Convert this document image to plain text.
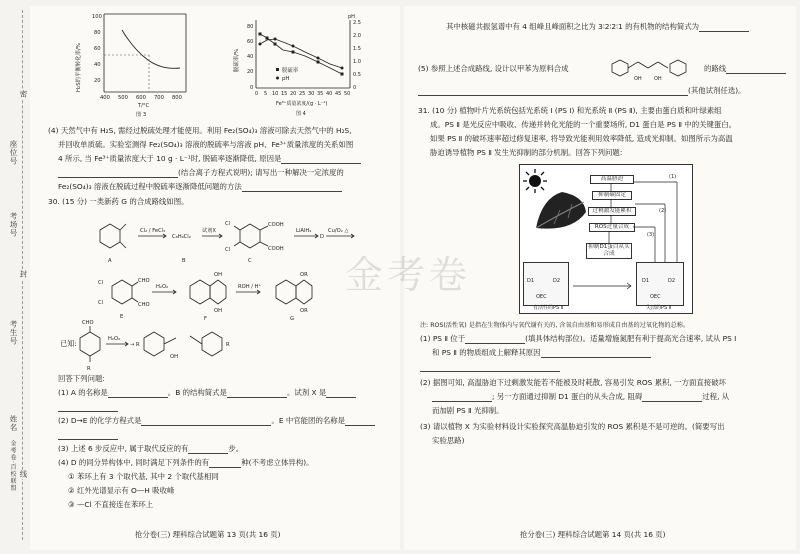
座位号
考场号
考生号
姓名
金考卷·百校联盟
密
封
线
100
80
60
40
20
400 500 600 700 800
T/°C
图 3
H₂S的平衡转化率/%	脱硫率
pH
80
60
40
20
0
2.5
2.0
1.5
1.0
0.5
0
pH
0 5 10 15 20 25 30 35 40 45 50
Fe³⁺质量浓度/(g · L⁻¹)
图 4
脱硫率/%
(4) 天然气中有 H₂S, 需经过脱硫处理才能使用。利用 Fe₂(SO₄)₃ 溶液可除去天然气中的 H₂S,
并回收单质硫。实验室测得 Fe₂(SO₄)₃ 溶液的脱硫率与溶液 pH、Fe³⁺质量浓度的关系如图
4 所示, 当 Fe³⁺质量浓度大于 10 g · L⁻¹时, 脱硫率逐渐降低, 原因是
(结合离子方程式说明); 请写出一种解决一定浓度的
Fe₂(SO₄)₃ 溶液在脱硫过程中脱硫率逐渐降低问题的方法
30. (15 分) 一类新药 G 的合成路线如图。
Cl₂ / FeCl₃
C₈H₈Cl₂
试剂X
Cl
Cl
COOH
COOH
LiAlH₄
D
Cu/O₂ △
A	B	C
Cl
Cl
CHO
CHO
H₂O₂
OH
OH
ROH / H⁺
OR
OR
E	F	G
已知:
CHO
R
H₂O₂
→ R
OH
R
回答下列问题:
(1) A 的名称是	。B 的结构简式是	。试剂 X 是
(2) D→E 的化学方程式是	。E 中官能团的名称是
(3) 上述 6 步反应中, 属于取代反应的有	步。
(4) D 的同分异构体中, 同时满足下列条件的有	种(不考虑立体异构)。
① 苯环上有 3 个取代基, 其中 2 个取代基相同
② 红外光谱显示有 O—H 吸收峰
③ —Cl 不直接连在苯环上
抢分卷(三) 理科综合试题第 13 页(共 16 页)
其中核磁共振氢谱中有 4 组峰且峰面积之比为 3∶2∶2∶1 的有机物的结构简式为
(5) 参照上述合成路线, 设计以甲苯为原料合成
OH OH
的路线
(其他试剂任选)。
31. (10 分) 植物叶片光系统包括光系统 Ⅰ (PS Ⅰ) 和光系统 Ⅱ (PS Ⅱ), 主要由蛋白质和叶绿素组
成。PS Ⅱ 是光反应中吸收、传递并转化光能的一个重要场所, D1 蛋白是 PS Ⅱ 中的关键蛋白。
如果 PS Ⅱ 的破坏速率超过修复速率, 将导致光能利用效率降低, 造成光抑制。如图所示为高温
胁迫诱导植物 PS Ⅱ 发生光抑制的部分机制。回答下列问题:
高温胁迫
抑制碳固定
过剩激发能累积
ROS过量合成
抑制D1蛋白从头合成
(1)
(2)
(3)
D1	D2
OEC
D1	D2
OEC
有活性的PS Ⅱ	失活的PS Ⅱ
金考卷
注: ROS(活性氧) 是指在生物体内与氧代谢有关的, 含氧自由基和易形成自由基的过氧化物的总称。
(1) PS Ⅱ 位于	(填具体结构部位)。适量增施氮肥有利于提高光合速率, 试从 PS Ⅰ
和 PS Ⅱ 的物质组成上解释其原因
(2) 据图可知, 高温胁迫下过剩激发能若不能被及时耗散, 容易引发 ROS 累积, 一方面直接破坏
; 另一方面通过抑制 D1 蛋白的从头合成, 阻碍	过程, 从
而加剧 PS Ⅱ 光抑制。
(3) 请以植物 X 为实验材料设计实验探究高温胁迫引发的 ROS 累积是不是可逆的。(简要写出
实验思路)
抢分卷(三) 理科综合试题第 14 页(共 16 页)
